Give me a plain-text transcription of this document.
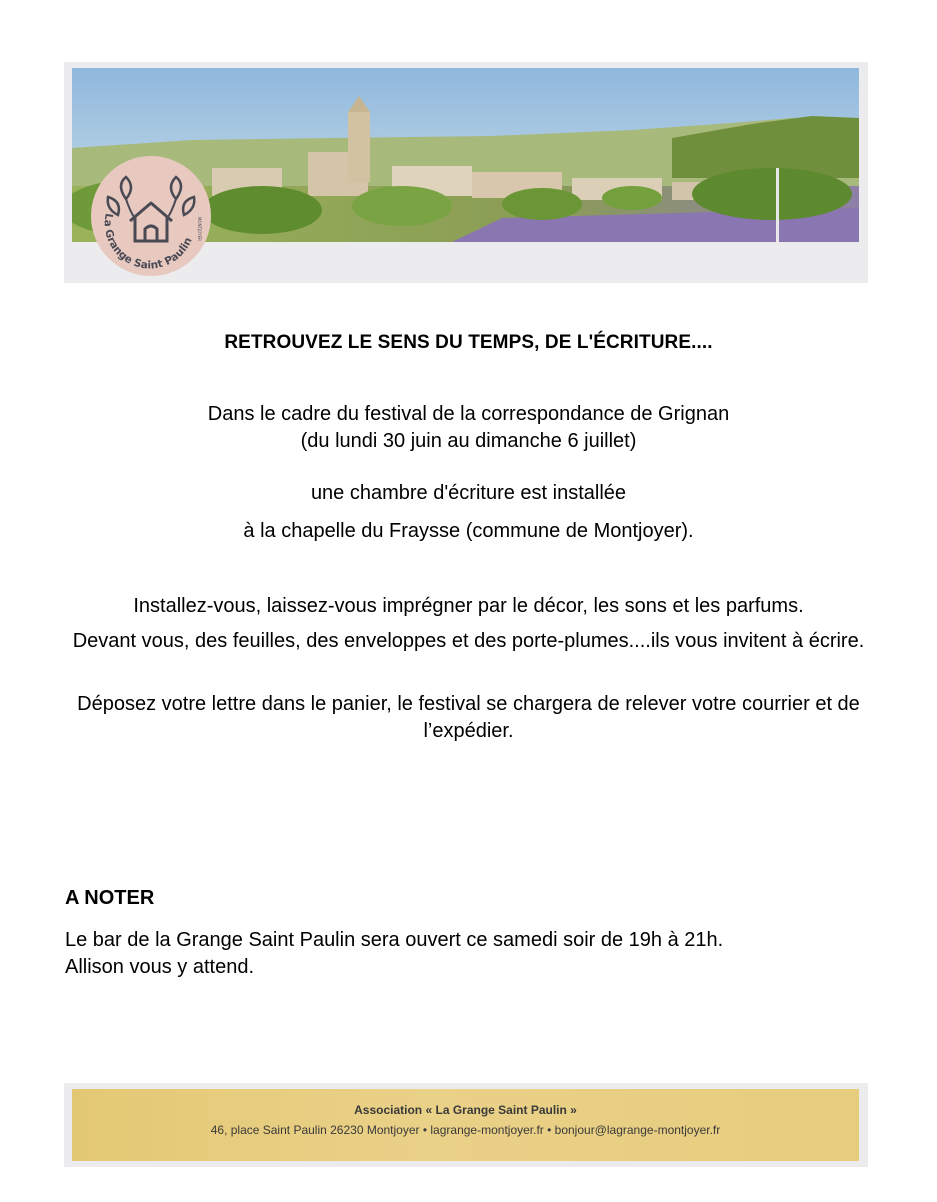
La Grange Saint Paulin
MONTJOYER
RETROUVEZ LE SENS DU TEMPS, DE L'ÉCRITURE....
Dans le cadre du festival de la correspondance de Grignan
(du lundi 30 juin au dimanche 6 juillet)
une chambre d'écriture est installée
à la chapelle du Fraysse (commune de Montjoyer).
Installez-vous, laissez-vous imprégner par le décor, les sons et les parfums.
Devant vous, des feuilles, des enveloppes et des porte-plumes....ils vous invitent à écrire.
Déposez votre lettre dans le panier, le festival se chargera de relever votre courrier et de l’expédier.
A NOTER
Le bar de la Grange Saint Paulin sera ouvert ce samedi soir de 19h à 21h.
Allison vous y attend.
Association « La Grange Saint Paulin »
46, place Saint Paulin 26230 Montjoyer • lagrange-montjoyer.fr • bonjour@lagrange-montjoyer.fr
